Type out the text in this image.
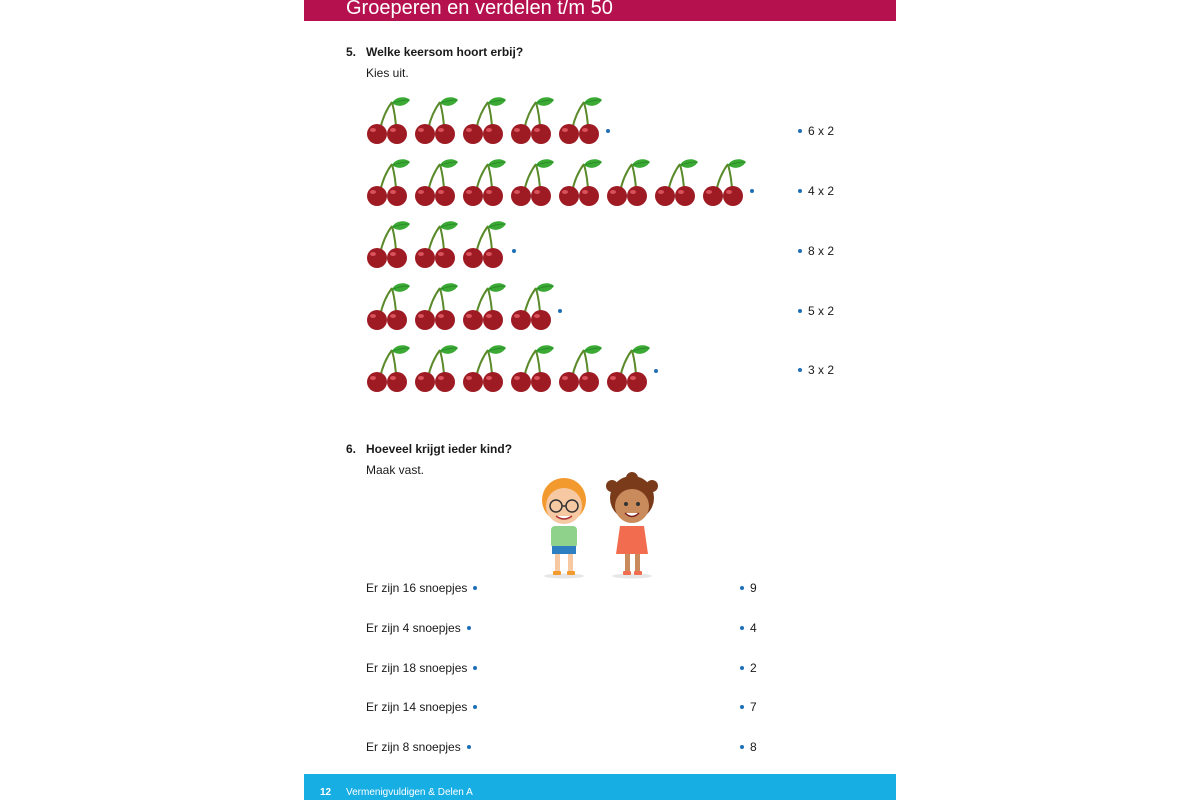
Groeperen en verdelen t/m 50
5. Welke keersom hoort erbij?
Kies uit.
6 x 2
4 x 2
8 x 2
5 x 2
3 x 2
6. Hoeveel krijgt ieder kind?
Maak vast.
Er zijn 16 snoepjes
Er zijn 4 snoepjes
Er zijn 18 snoepjes
Er zijn 14 snoepjes
Er zijn 8 snoepjes
9
4
2
7
8
12 Vermenigvuldigen & Delen A
